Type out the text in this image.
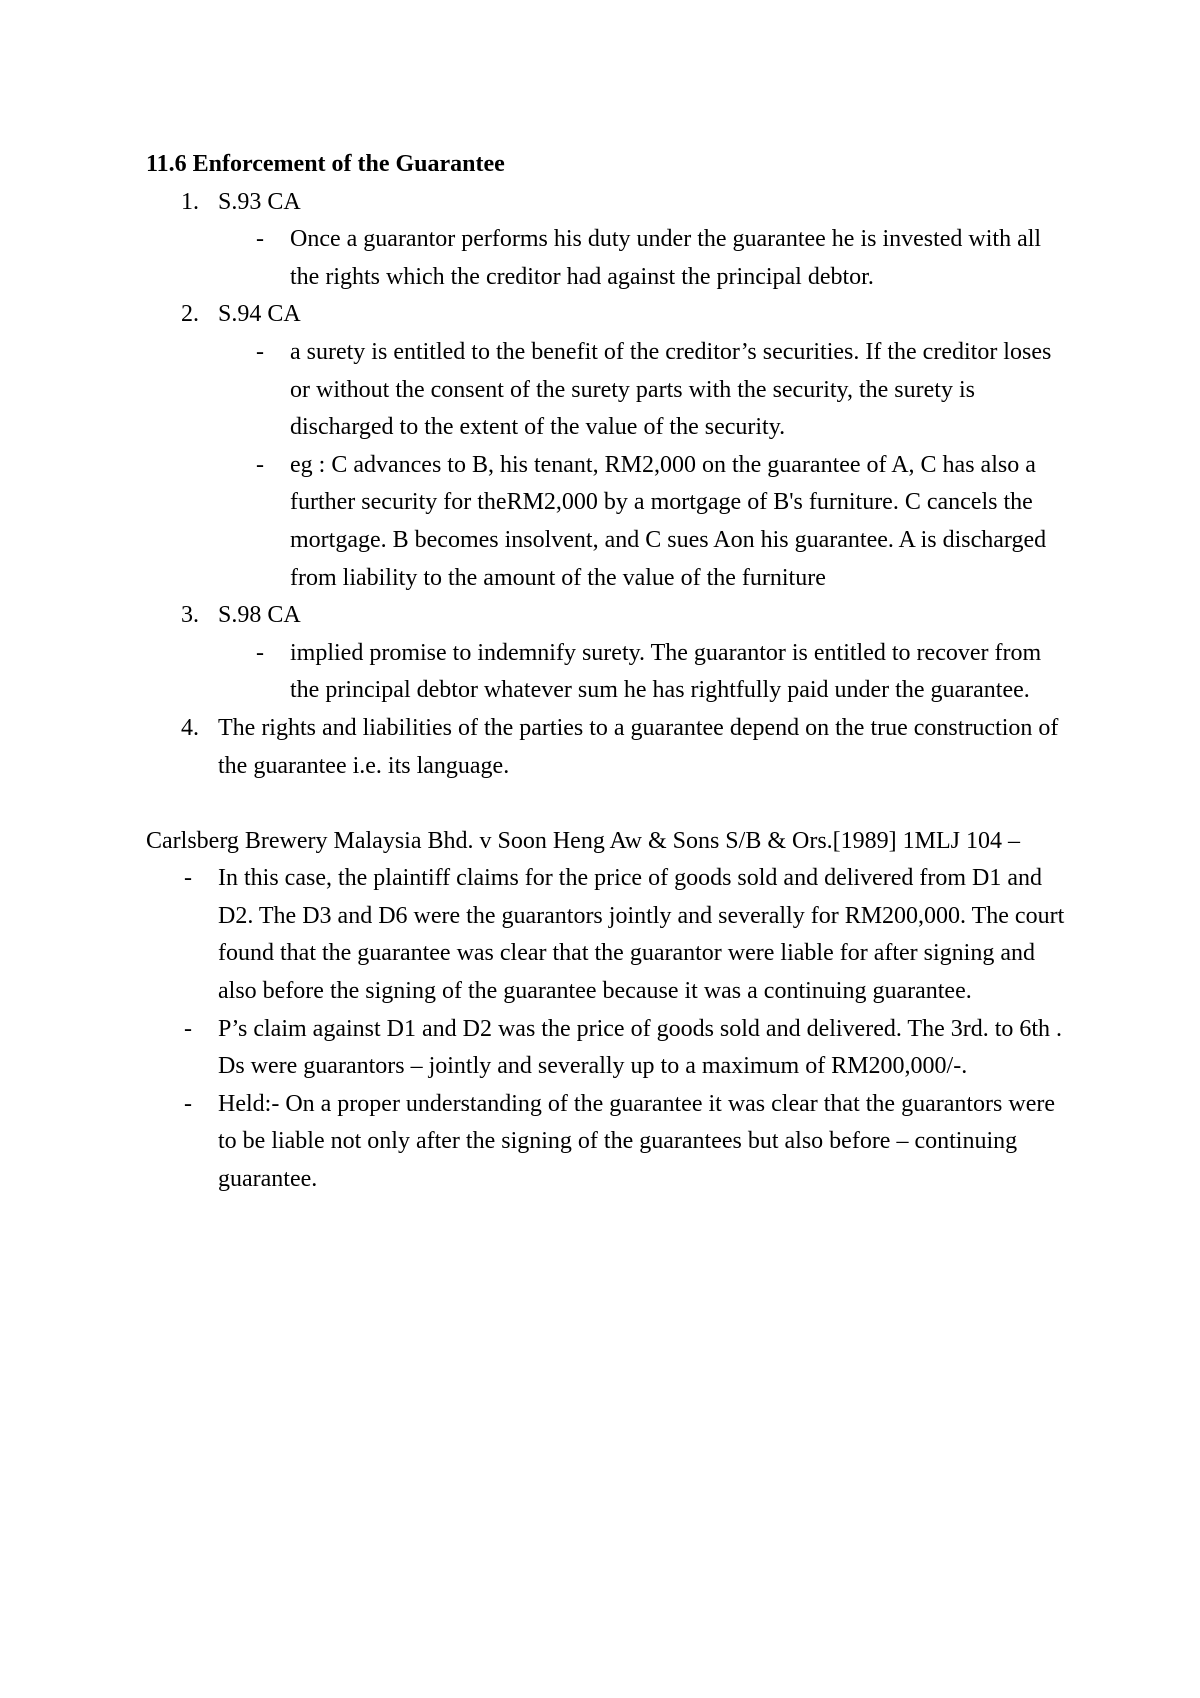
11.6 Enforcement of the Guarantee

1. S.93 CA
- Once a guarantor performs his duty under the guarantee he is invested with all the rights which the creditor had against the principal debtor.
2. S.94 CA
- a surety is entitled to the benefit of the creditor’s securities. If the creditor loses or without the consent of the surety parts with the security, the surety is discharged to the extent of the value of the security.
- eg : C advances to B, his tenant, RM2,000 on the guarantee of A, C has also a further security for theRM2,000 by a mortgage of B's furniture. C cancels the mortgage. B becomes insolvent, and C sues Aon his guarantee. A is discharged from liability to the amount of the value of the furniture
3. S.98 CA
- implied promise to indemnify surety. The guarantor is entitled to recover from the principal debtor whatever sum he has rightfully paid under the guarantee.
4. The rights and liabilities of the parties to a guarantee depend on the true construction of the guarantee i.e. its language.

Carlsberg Brewery Malaysia Bhd. v Soon Heng Aw & Sons S/B & Ors.[1989] 1MLJ 104 –

- In this case, the plaintiff claims for the price of goods sold and delivered from D1 and D2. The D3 and D6 were the guarantors jointly and severally for RM200,000. The court found that the guarantee was clear that the guarantor were liable for after signing and also before the signing of the guarantee because it was a continuing guarantee.
- P’s claim against D1 and D2 was the price of goods sold and delivered. The 3rd. to 6th . Ds were guarantors – jointly and severally up to a maximum of RM200,000/-.
- Held:- On a proper understanding of the guarantee it was clear that the guarantors were to be liable not only after the signing of the guarantees but also before – continuing guarantee.
